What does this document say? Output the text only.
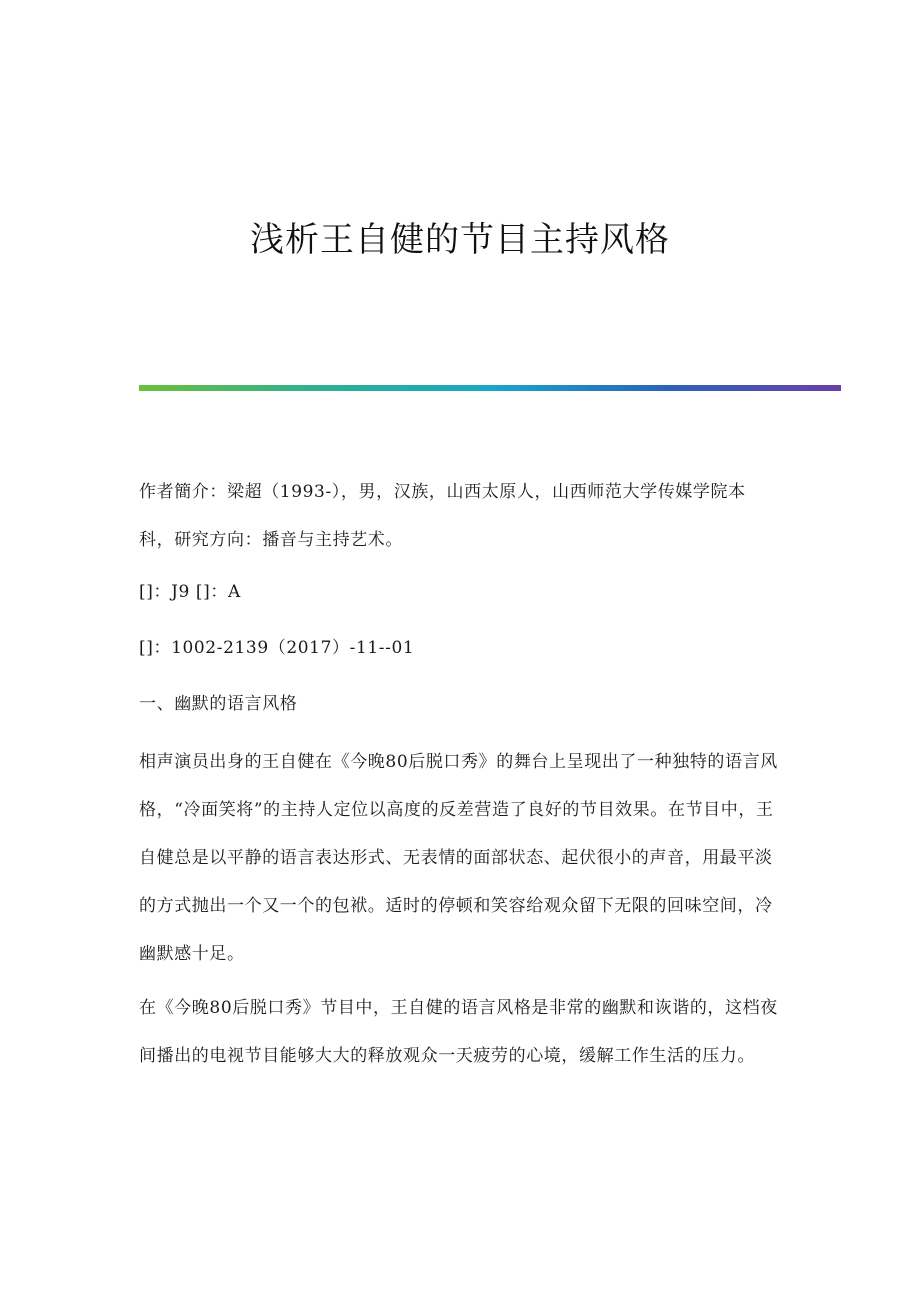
浅析王自健的节目主持风格

作者簡介：梁超（1993-），男，汉族，山西太原人，山西师范大学传媒学院本科，研究方向：播音与主持艺术。

[]：J9 []：A

[]：1002-2139（2017）-11--01

一、幽默的语言风格

相声演员出身的王自健在《今晚80后脱口秀》的舞台上呈现出了一种独特的语言风格，“冷面笑将”的主持人定位以高度的反差营造了良好的节目效果。在节目中，王自健总是以平静的语言表达形式、无表情的面部状态、起伏很小的声音，用最平淡的方式抛出一个又一个的包袱。适时的停顿和笑容给观众留下无限的回味空间，冷幽默感十足。

在《今晚80后脱口秀》节目中，王自健的语言风格是非常的幽默和诙谐的，这档夜间播出的电视节目能够大大的释放观众一天疲劳的心境，缓解工作生活的压力。
